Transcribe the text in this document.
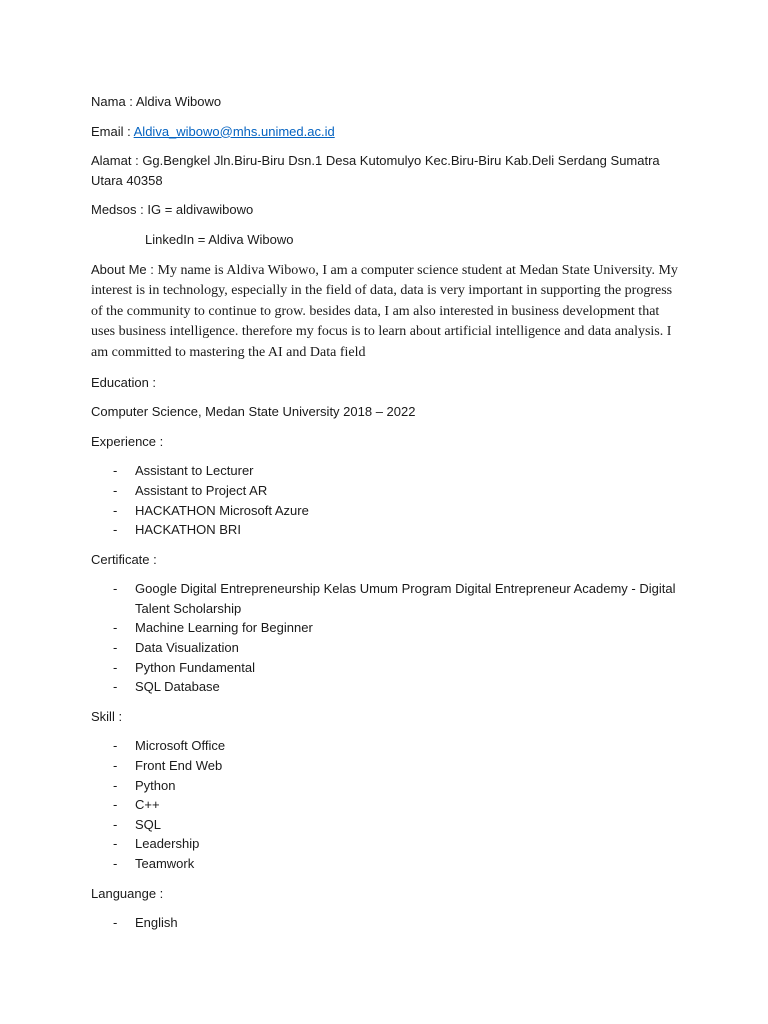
Nama : Aldiva Wibowo

Email : Aldiva_wibowo@mhs.unimed.ac.id

Alamat : Gg.Bengkel Jln.Biru-Biru Dsn.1 Desa Kutomulyo Kec.Biru-Biru Kab.Deli Serdang Sumatra Utara 40358

Medsos : IG = aldivawibowo

LinkedIn = Aldiva Wibowo

About Me : My name is Aldiva Wibowo, I am a computer science student at Medan State University. My interest is in technology, especially in the field of data, data is very important in supporting the progress of the community to continue to grow. besides data, I am also interested in business development that uses business intelligence. therefore my focus is to learn about artificial intelligence and data analysis. I am committed to mastering the AI and Data field

Education :

Computer Science, Medan State University 2018 – 2022

Experience :

- Assistant to Lecturer
- Assistant to Project AR
- HACKATHON Microsoft Azure
- HACKATHON BRI

Certificate :

- Google Digital Entrepreneurship Kelas Umum Program Digital Entrepreneur Academy - Digital Talent Scholarship
- Machine Learning for Beginner
- Data Visualization
- Python Fundamental
- SQL Database

Skill :

- Microsoft Office
- Front End Web
- Python
- C++
- SQL
- Leadership
- Teamwork

Languange :

- English
